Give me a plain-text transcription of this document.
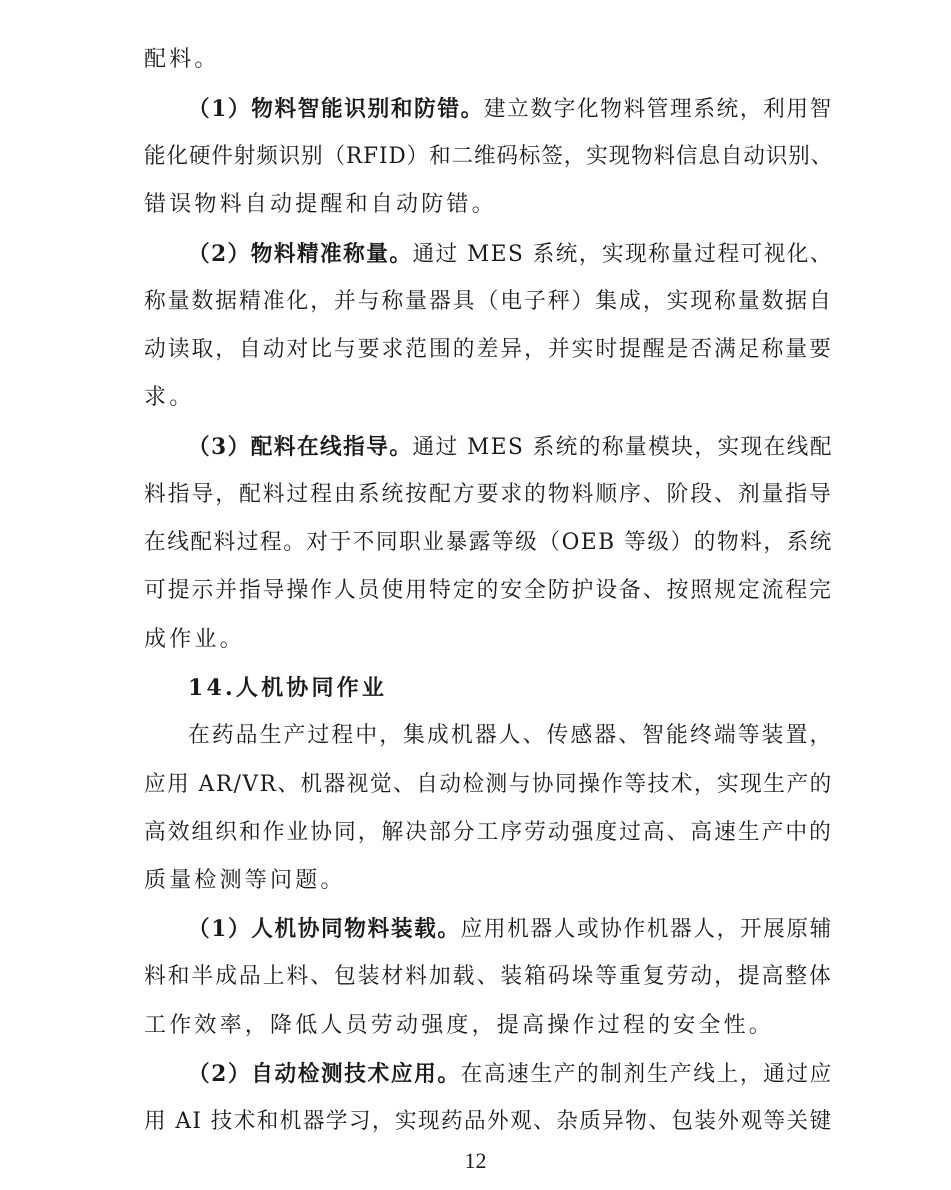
配料。
（1）物料智能识别和防错。建立数字化物料管理系统，利用智
能化硬件射频识别（RFID）和二维码标签，实现物料信息自动识别、
错误物料自动提醒和自动防错。
（2）物料精准称量。通过 MES 系统，实现称量过程可视化、
称量数据精准化，并与称量器具（电子秤）集成，实现称量数据自
动读取，自动对比与要求范围的差异，并实时提醒是否满足称量要
求。
（3）配料在线指导。通过 MES 系统的称量模块，实现在线配
料指导，配料过程由系统按配方要求的物料顺序、阶段、剂量指导
在线配料过程。对于不同职业暴露等级（OEB 等级）的物料，系统
可提示并指导操作人员使用特定的安全防护设备、按照规定流程完
成作业。
14.人机协同作业
在药品生产过程中，集成机器人、传感器、智能终端等装置，
应用 AR/VR、机器视觉、自动检测与协同操作等技术，实现生产的
高效组织和作业协同，解决部分工序劳动强度过高、高速生产中的
质量检测等问题。
（1）人机协同物料装载。应用机器人或协作机器人，开展原辅
料和半成品上料、包装材料加载、装箱码垛等重复劳动，提高整体
工作效率，降低人员劳动强度，提高操作过程的安全性。
（2）自动检测技术应用。在高速生产的制剂生产线上，通过应
用 AI 技术和机器学习，实现药品外观、杂质异物、包装外观等关键
12
